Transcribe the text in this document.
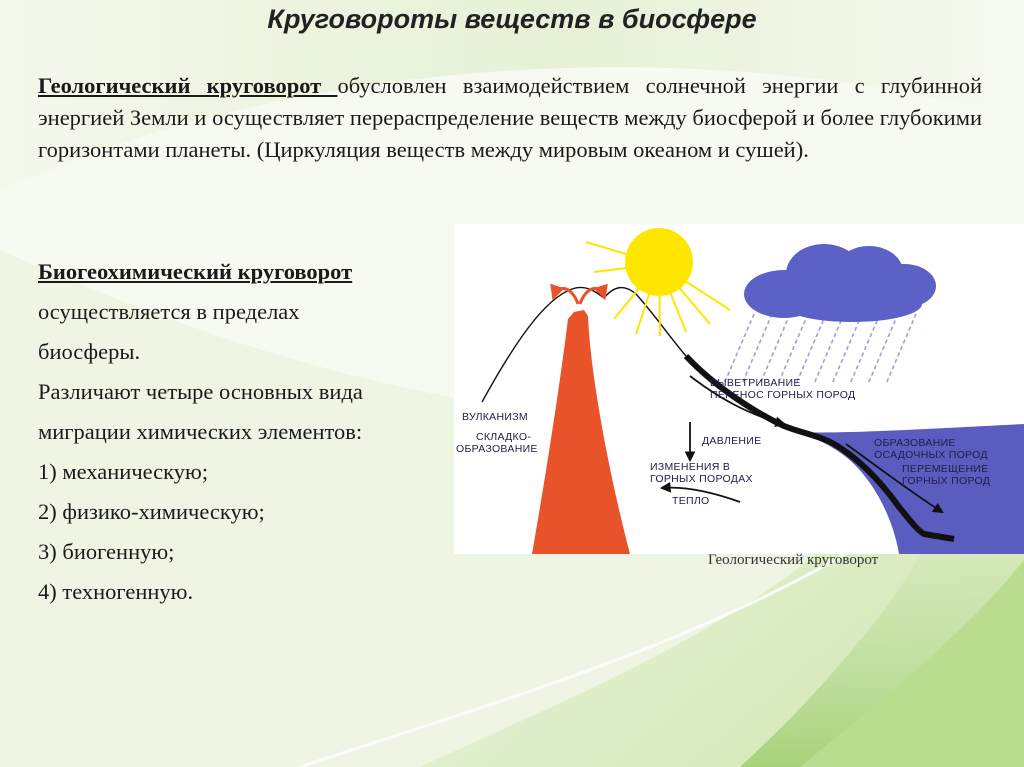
Круговороты веществ в биосфере
Геологический круговорот обусловлен взаимодействием солнечной энергии с глубинной энергией Земли и осуществляет перераспределение веществ между биосферой и более глубокими горизонтами планеты. (Циркуляция веществ между мировым океаном и сушей).
Биогеохимический круговорот
осуществляется в пределах
биосферы.
Различают четыре основных вида
миграции химических элементов:
1) механическую;
2) физико-химическую;
3) биогенную;
4) техногенную.
ВУЛКАНИЗМ
СКЛАДКО-
ОБРАЗОВАНИЕ
ВЫВЕТРИВАНИЕ
ПЕРЕНОС ГОРНЫХ ПОРОД
ДАВЛЕНИЕ
ИЗМЕНЕНИЯ В
ГОРНЫХ ПОРОДАХ
ТЕПЛО
ОБРАЗОВАНИЕ
ОСАДОЧНЫХ ПОРОД
ПЕРЕМЕЩЕНИЕ
ГОРНЫХ ПОРОД
Геологический круговорот
